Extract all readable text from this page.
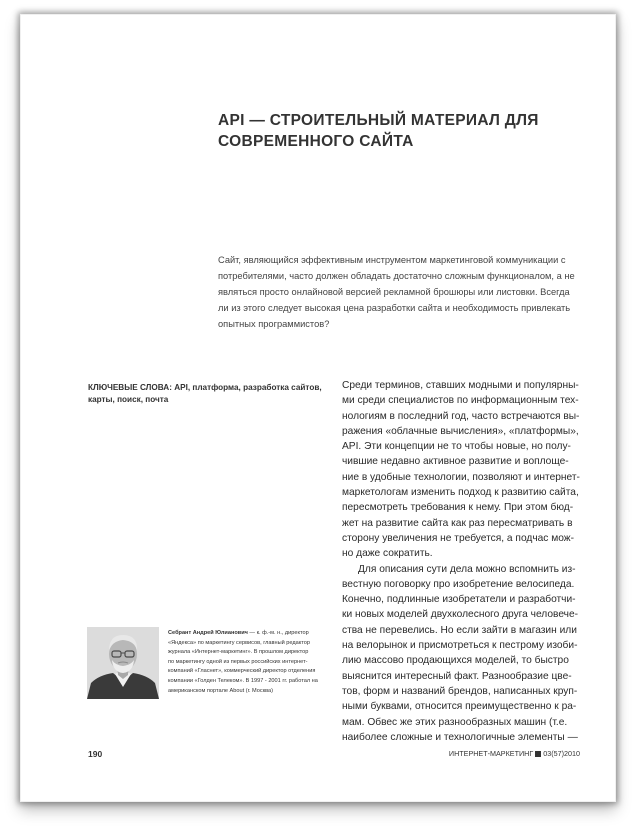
API — СТРОИТЕЛЬНЫЙ МАТЕРИАЛ ДЛЯ
СОВРЕМЕННОГО САЙТА
Сайт, являющийся эффективным инструментом маркетинговой коммуникации с
потребителями, часто должен обладать достаточно сложным функционалом, а не
являться просто онлайновой версией рекламной брошюры или листовки. Всегда
ли из этого следует высокая цена разработки сайта и необходимость привлекать
опытных программистов?
КЛЮЧЕВЫЕ СЛОВА: API, платформа, разработка сайтов,
карты, поиск, почта
Среди терминов, ставших модными и популярны-
ми среди специалистов по информационным тех-
нологиям в последний год, часто встречаются вы-
ражения «облачные вычисления», «платформы»,
API. Эти концепции не то чтобы новые, но полу-
чившие недавно активное развитие и воплоще-
ние в удобные технологии, позволяют и интернет-
маркетологам изменить подход к развитию сайта,
пересмотреть требования к нему. При этом бюд-
жет на развитие сайта как раз пересматривать в
сторону увеличения не требуется, а подчас мож-
но даже сократить.
Для описания сути дела можно вспомнить из-
вестную поговорку про изобретение велосипеда.
Конечно, подлинные изобретатели и разработчи-
ки новых моделей двухколесного друга человече-
ства не перевелись. Но если зайти в магазин или
на велорынок и присмотреться к пестрому изоби-
лию массово продающихся моделей, то быстро
выяснится интересный факт. Разнообразие цве-
тов, форм и названий брендов, написанных круп-
ными буквами, относится преимущественно к ра-
мам. Обвес же этих разнообразных машин (т.е.
наиболее сложные и технологичные элементы —
Себрант Андрей Юлианович — к. ф.-м. н., директор
«Яндекса» по маркетингу сервисов, главный редактор
журнала «Интернет-маркетинг». В прошлом директор
по маркетингу одной из первых российских интернет-
компаний «Гласнет», коммерческий директор отделения
компании «Голден Телеком». В 1997 - 2001 гг. работал на
американском портале About (г. Москва)
190	ИНТЕРНЕТ-МАРКЕТИНГ 03(57)2010
